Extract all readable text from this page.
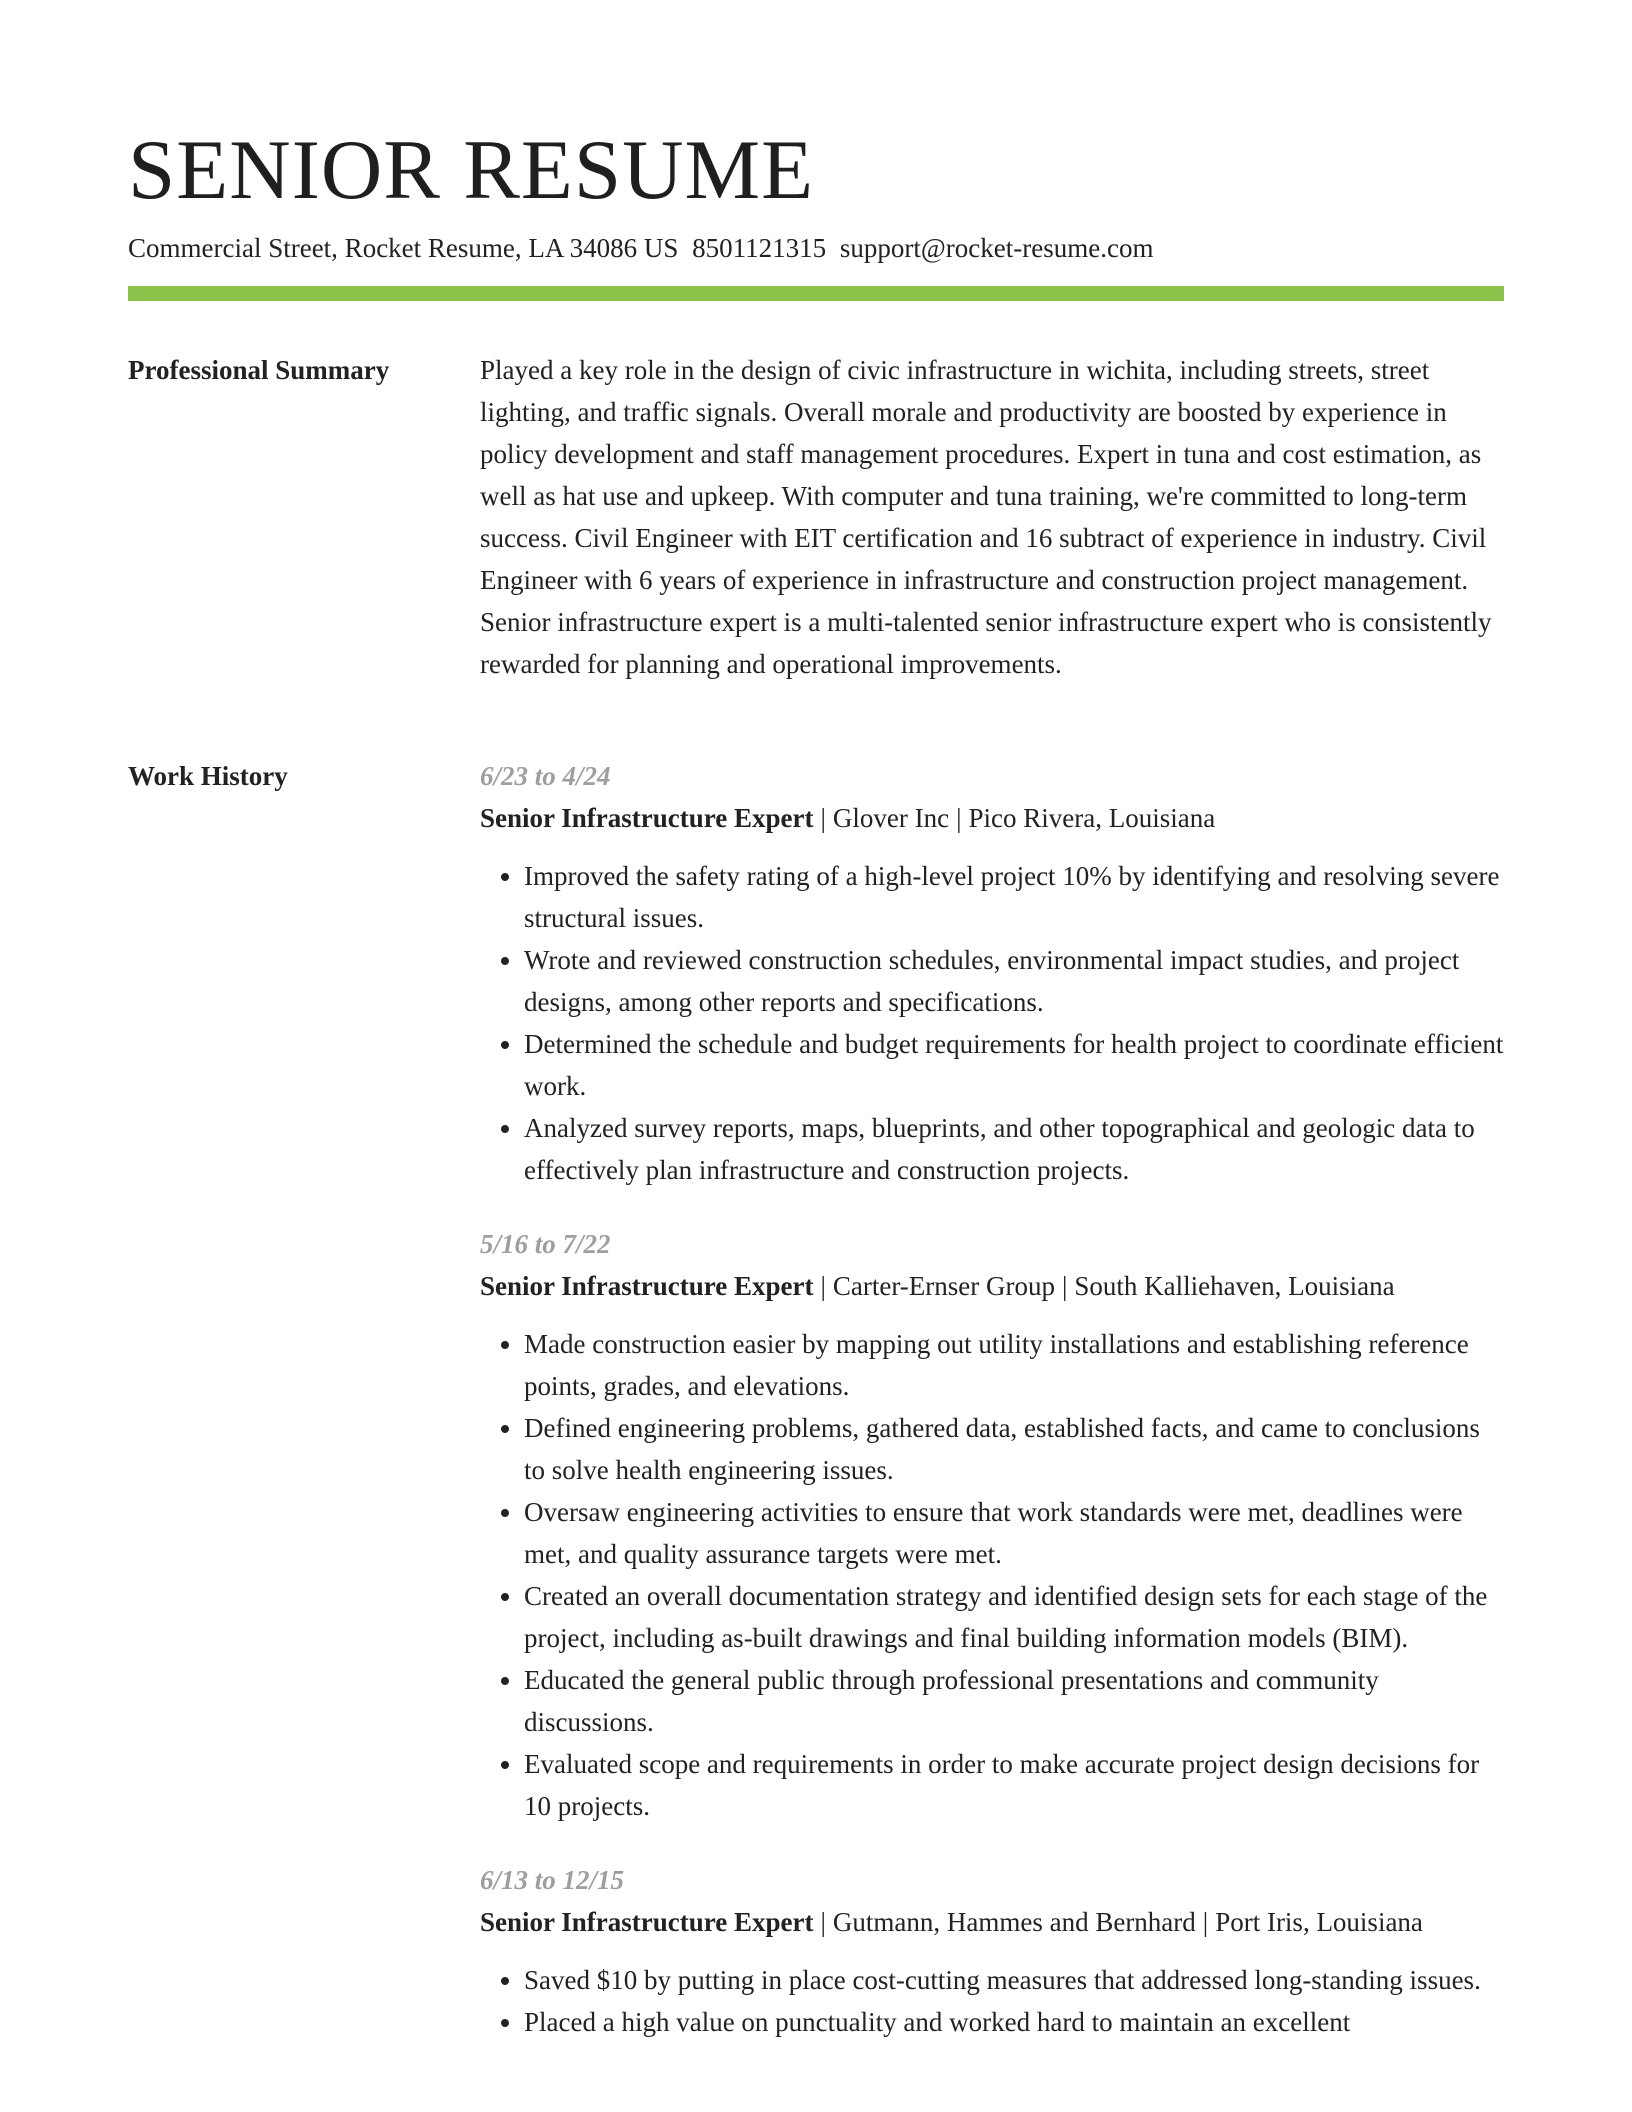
SENIOR RESUME
Commercial Street, Rocket Resume, LA 34086 US 8501121315 support@rocket-resume.com
Professional Summary	Played a key role in the design of civic infrastructure in wichita, including streets, street lighting, and traffic signals. Overall morale and productivity are boosted by experience in policy development and staff management procedures. Expert in tuna and cost estimation, as well as hat use and upkeep. With computer and tuna training, we're committed to long-term success. Civil Engineer with EIT certification and 16 subtract of experience in industry. Civil Engineer with 6 years of experience in infrastructure and construction project management. Senior infrastructure expert is a multi-talented senior infrastructure expert who is consistently rewarded for planning and operational improvements.

Work History	6/23 to 4/24
Senior Infrastructure Expert | Glover Inc | Pico Rivera, Louisiana
• Improved the safety rating of a high-level project 10% by identifying and resolving severe structural issues.
• Wrote and reviewed construction schedules, environmental impact studies, and project designs, among other reports and specifications.
• Determined the schedule and budget requirements for health project to coordinate efficient work.
• Analyzed survey reports, maps, blueprints, and other topographical and geologic data to effectively plan infrastructure and construction projects.
5/16 to 7/22
Senior Infrastructure Expert | Carter-Ernser Group | South Kalliehaven, Louisiana
• Made construction easier by mapping out utility installations and establishing reference points, grades, and elevations.
• Defined engineering problems, gathered data, established facts, and came to conclusions to solve health engineering issues.
• Oversaw engineering activities to ensure that work standards were met, deadlines were met, and quality assurance targets were met.
• Created an overall documentation strategy and identified design sets for each stage of the project, including as-built drawings and final building information models (BIM).
• Educated the general public through professional presentations and community discussions.
• Evaluated scope and requirements in order to make accurate project design decisions for 10 projects.
6/13 to 12/15
Senior Infrastructure Expert | Gutmann, Hammes and Bernhard | Port Iris, Louisiana
• Saved $10 by putting in place cost-cutting measures that addressed long-standing issues.
• Placed a high value on punctuality and worked hard to maintain an excellent
